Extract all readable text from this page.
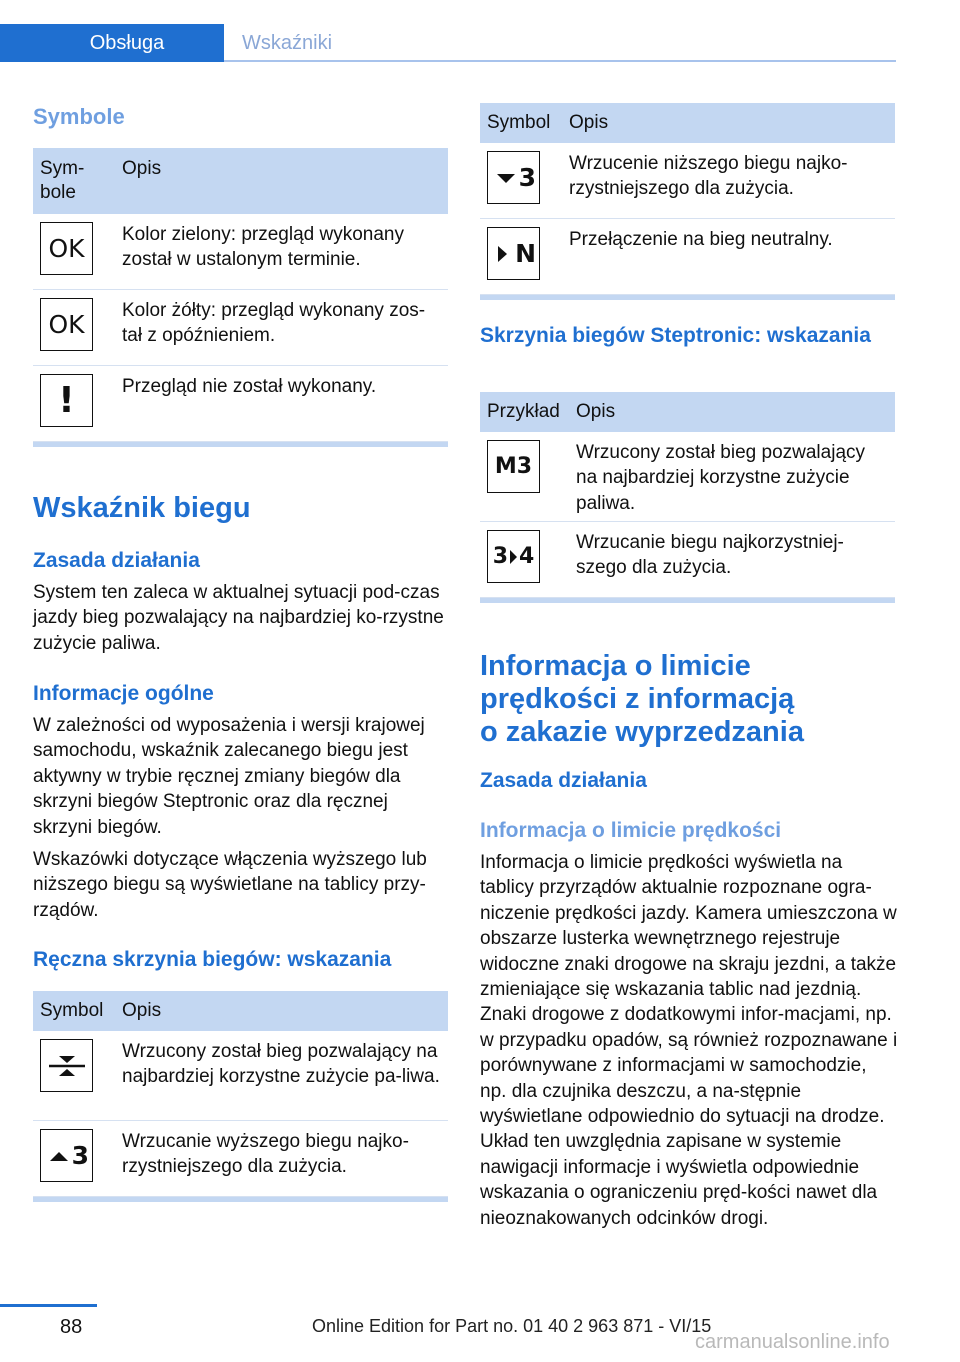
Obsługa	Wskaźniki
Symbole
Sym-
bole
Opis
OK Kolor zielony: przegląd wykonany został w ustalonym terminie.
OK Kolor żółty: przegląd wykonany zos-tał z opóźnieniem.
! Przegląd nie został wykonany.
Wskaźnik biegu
Zasada działania
System ten zaleca w aktualnej sytuacji pod-czas jazdy bieg pozwalający na najbardziej ko-rzystne zużycie paliwa.
Informacje ogólne
W zależności od wyposażenia i wersji krajowej samochodu, wskaźnik zalecanego biegu jest aktywny w trybie ręcznej zmiany biegów dla skrzyni biegów Steptronic oraz dla ręcznej skrzyni biegów.
Wskazówki dotyczące włączenia wyższego lub niższego biegu są wyświetlane na tablicy przy-rządów.
Ręczna skrzynia biegów: wskazania
Symbol Opis
Wrzucony został bieg pozwalający na najbardziej korzystne zużycie pa-liwa.
3 Wrzucanie wyższego biegu najko-rzystniejszego dla zużycia.
Symbol Opis
3 Wrzucenie niższego biegu najko-rzystniejszego dla zużycia.
N Przełączenie na bieg neutralny.
Skrzynia biegów Steptronic: wskazania
Przykład Opis
M3
Wrzucony został bieg pozwalający na najbardziej korzystne zużycie paliwa.
3 4
Wrzucanie biegu najkorzystniej-szego dla zużycia.
Informacja o limicie
prędkości z informacją
o zakazie wyprzedzania
Zasada działania
Informacja o limicie prędkości
Informacja o limicie prędkości wyświetla na tablicy przyrządów aktualnie rozpoznane ogra-niczenie prędkości jazdy. Kamera umieszczona w obszarze lusterka wewnętrznego rejestruje widoczne znaki drogowe na skraju jezdni, a także zmieniające się wskazania tablic nad jezdnią. Znaki drogowe z dodatkowymi infor-macjami, np. w przypadku opadów, są również rozpoznawane i porównywane z informacjami w samochodzie, np. dla czujnika deszczu, a na-stępnie wyświetlane odpowiednio do sytuacji na drodze. Układ ten uwzględnia zapisane w systemie nawigacji informacje i wyświetla odpowiednie wskazania o ograniczeniu pręd-kości nawet dla nieoznakowanych odcinków drogi.
88	Online Edition for Part no. 01 40 2 963 871 - VI/15
carmanualsonline.info
